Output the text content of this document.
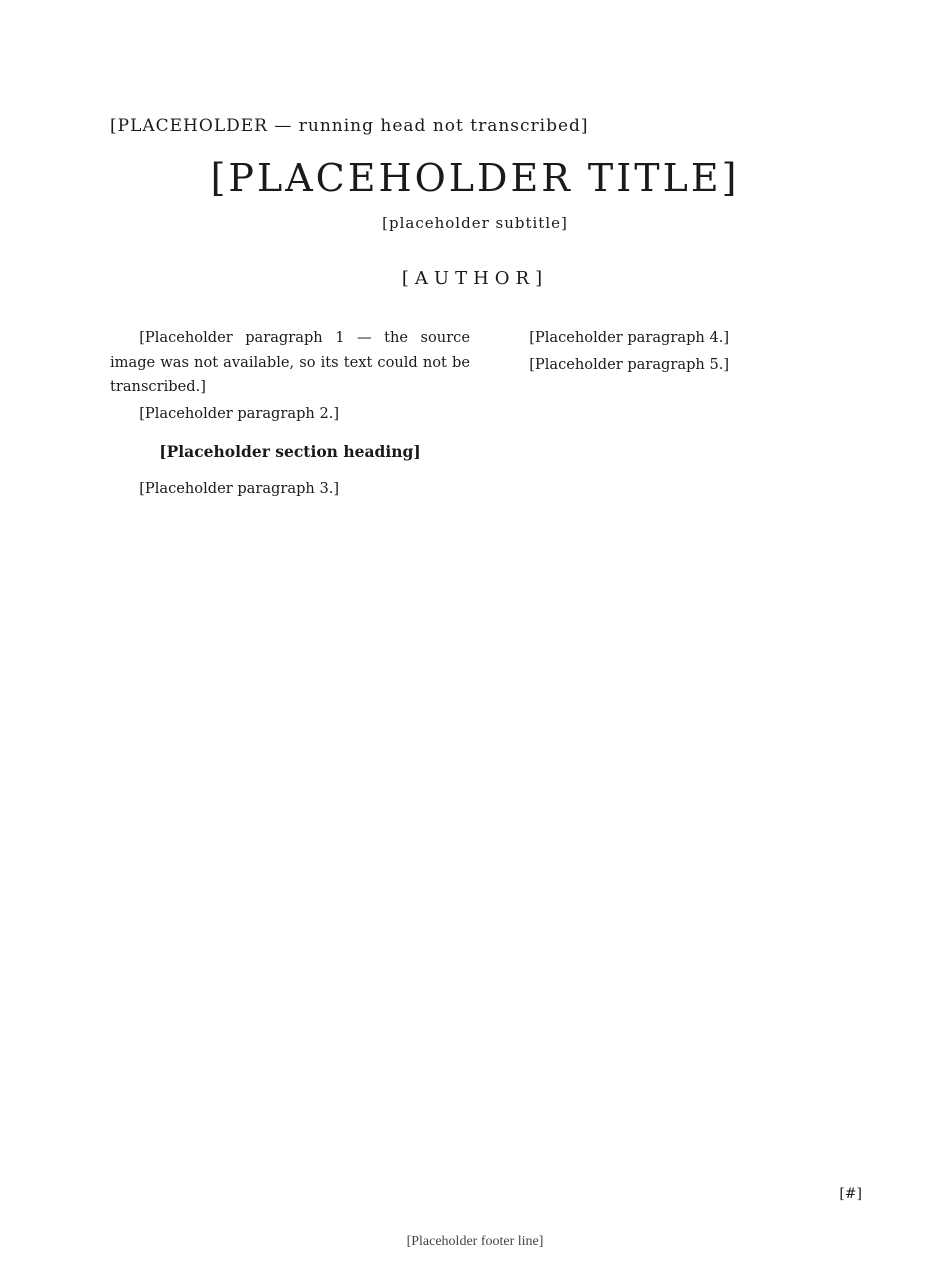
[PLACEHOLDER — running head not transcribed]
[PLACEHOLDER TITLE]
[placeholder subtitle]
[AUTHOR]

[Placeholder paragraph 1 — the source image was not available, so its text could not be transcribed.]

[Placeholder paragraph 2.]

[Placeholder section heading]

[Placeholder paragraph 3.]

[Placeholder paragraph 4.]

[Placeholder paragraph 5.]

[#]
[Placeholder footer line]
